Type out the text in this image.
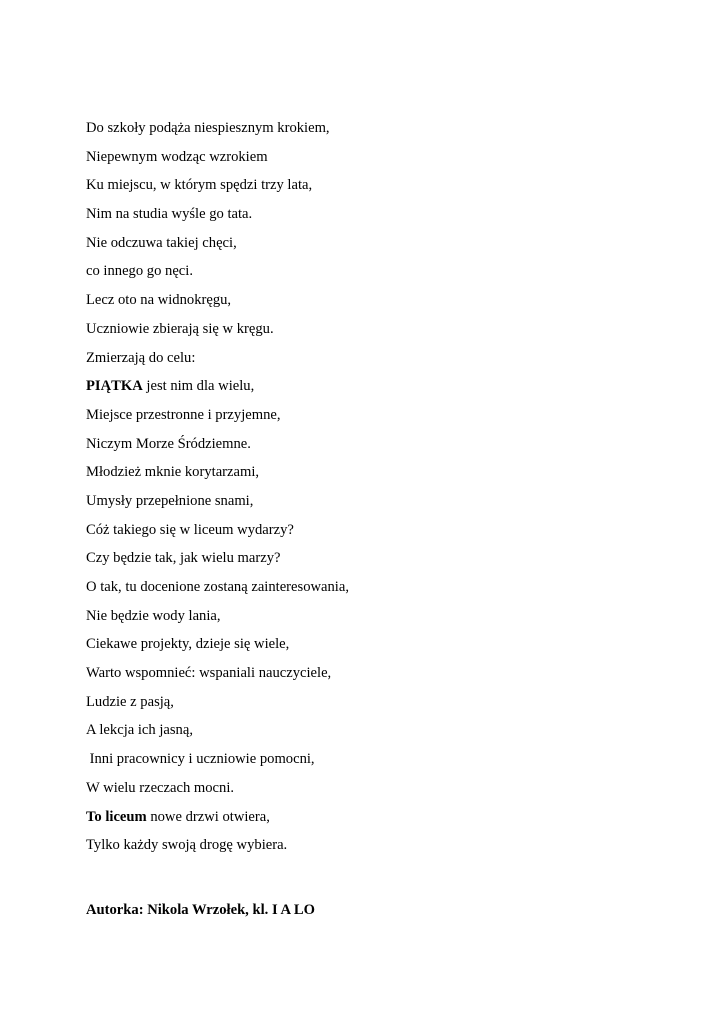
Do szkoły podąża niespiesznym krokiem,
Niepewnym wodząc wzrokiem
Ku miejscu, w którym spędzi trzy lata,
Nim na studia wyśle go tata.
Nie odczuwa takiej chęci,
co innego go nęci.
Lecz oto na widnokręgu,
Uczniowie zbierają się w kręgu.
Zmierzają do celu:
PIĄTKA jest nim dla wielu,
Miejsce przestronne i przyjemne,
Niczym Morze Śródziemne.
Młodzież mknie korytarzami,
Umysły przepełnione snami,
Cóż takiego się w liceum wydarzy?
Czy będzie tak, jak wielu marzy?
O tak, tu docenione zostaną zainteresowania,
Nie będzie wody lania,
Ciekawe projekty, dzieje się wiele,
Warto wspomnieć: wspaniali nauczyciele,
Ludzie z pasją,
A lekcja ich jasną,
Inni pracownicy i uczniowie pomocni,
W wielu rzeczach mocni.
To liceum nowe drzwi otwiera,
Tylko każdy swoją drogę wybiera.
Autorka: Nikola Wrzołek, kl. I A LO
